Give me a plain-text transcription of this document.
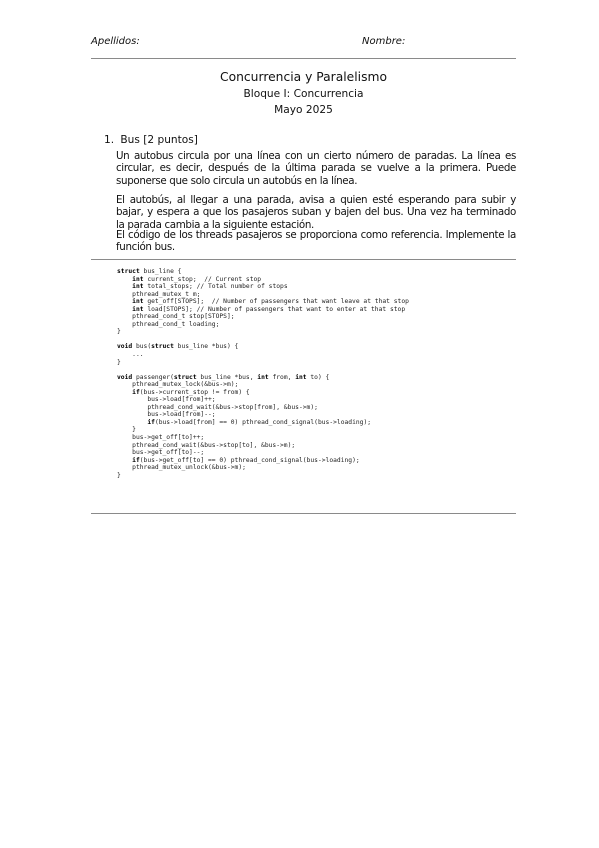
Apellidos:	Nombre:
Concurrencia y Paralelismo
Bloque I: Concurrencia
Mayo 2025
1. Bus [2 puntos]
Un autobus circula por una línea con un cierto número de paradas. La línea es circular, es decir, después de la última parada se vuelve a la primera. Puede suponerse que solo circula un autobús en la línea.
El autobús, al llegar a una parada, avisa a quien esté esperando para subir y bajar, y espera a que los pasajeros suban y bajen del bus. Una vez ha terminado la parada cambia a la siguiente estación.
El código de los threads pasajeros se proporciona como referencia. Implemente la función bus.
struct bus_line {
int current_stop;  // Current stop
int total_stops; // Total number of stops
pthread_mutex_t m;
int get_off[STOPS];  // Number of passengers that want leave at that stop
int load[STOPS]; // Number of passengers that want to enter at that stop
pthread_cond_t stop[STOPS];
pthread_cond_t loading;
}

void bus(struct bus_line *bus) {
...
}

void passenger(struct bus_line *bus, int from, int to) {
pthread_mutex_lock(&bus->m);
if(bus->current_stop != from) {
bus->load[from]++;
pthread_cond_wait(&bus->stop[from], &bus->m);
bus->load[from]--;
if(bus->load[from] == 0) pthread_cond_signal(bus->loading);
}
bus->get_off[to]++;
pthread_cond_wait(&bus->stop[to], &bus->m);
bus->get_off[to]--;
if(bus->get_off[to] == 0) pthread_cond_signal(bus->loading);
pthread_mutex_unlock(&bus->m);
}
